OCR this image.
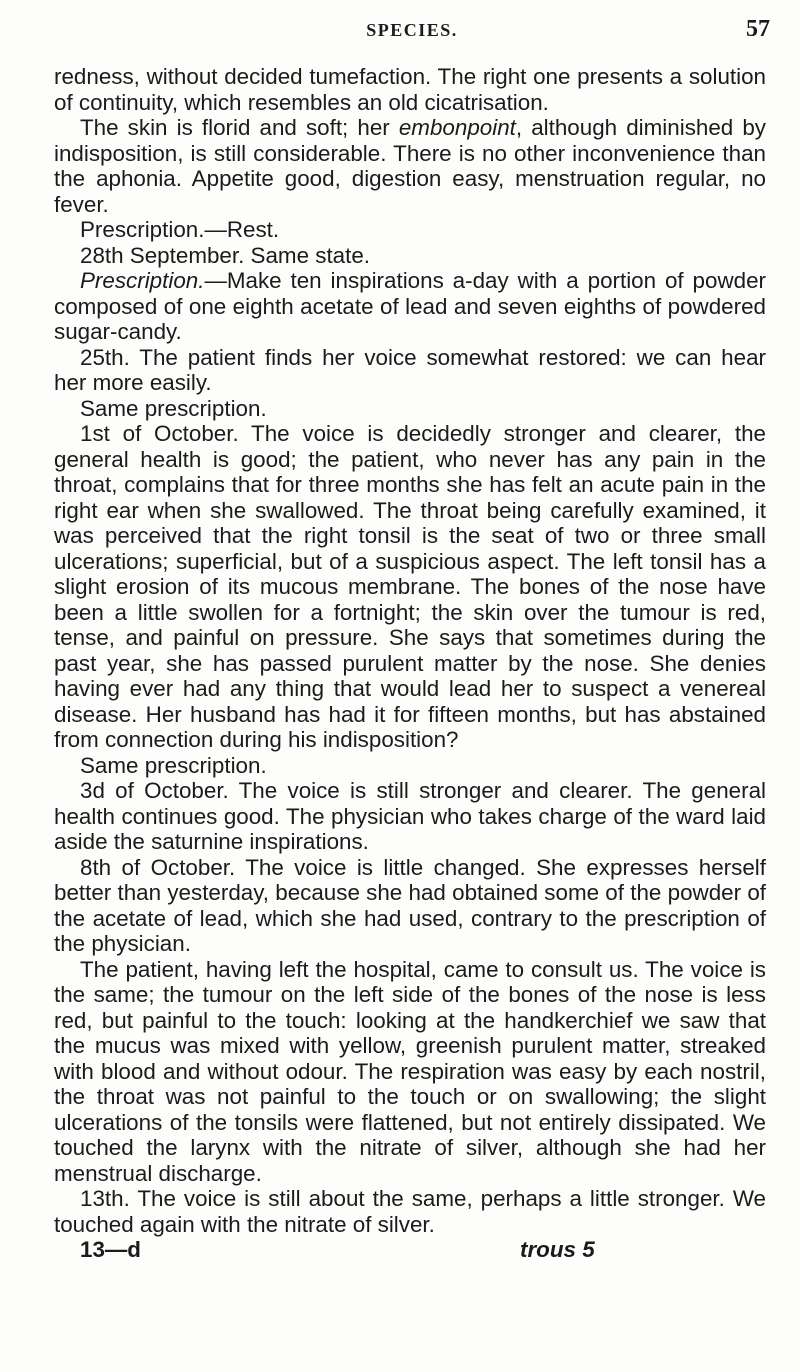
SPECIES.	57

redness, without decided tumefaction. The right one presents a solution of continuity, which resembles an old cicatrisation.

The skin is florid and soft; her embonpoint, although diminished by indisposition, is still considerable. There is no other inconvenience than the aphonia. Appetite good, digestion easy, menstruation regular, no fever.

Prescription.—Rest.

28th September. Same state.

Prescription.—Make ten inspirations a-day with a portion of powder composed of one eighth acetate of lead and seven eighths of powdered sugar-candy.

25th. The patient finds her voice somewhat restored: we can hear her more easily.

Same prescription.

1st of October. The voice is decidedly stronger and clearer, the general health is good; the patient, who never has any pain in the throat, complains that for three months she has felt an acute pain in the right ear when she swallowed. The throat being carefully examined, it was perceived that the right tonsil is the seat of two or three small ulcerations; superficial, but of a suspicious aspect. The left tonsil has a slight erosion of its mucous membrane. The bones of the nose have been a little swollen for a fortnight; the skin over the tumour is red, tense, and painful on pressure. She says that sometimes during the past year, she has passed purulent matter by the nose. She denies having ever had any thing that would lead her to suspect a venereal disease. Her husband has had it for fifteen months, but has abstained from connection during his indisposition?

Same prescription.

3d of October. The voice is still stronger and clearer. The general health continues good. The physician who takes charge of the ward laid aside the saturnine inspirations.

8th of October. The voice is little changed. She expresses herself better than yesterday, because she had obtained some of the powder of the acetate of lead, which she had used, contrary to the prescription of the physician.

The patient, having left the hospital, came to consult us. The voice is the same; the tumour on the left side of the bones of the nose is less red, but painful to the touch: looking at the handkerchief we saw that the mucus was mixed with yellow, greenish purulent matter, streaked with blood and without odour. The respiration was easy by each nostril, the throat was not painful to the touch or on swallowing; the slight ulcerations of the tonsils were flattened, but not entirely dissipated. We touched the larynx with the nitrate of silver, although she had her menstrual discharge.

13th. The voice is still about the same, perhaps a little stronger. We touched again with the nitrate of silver.

13—d	trous 5
